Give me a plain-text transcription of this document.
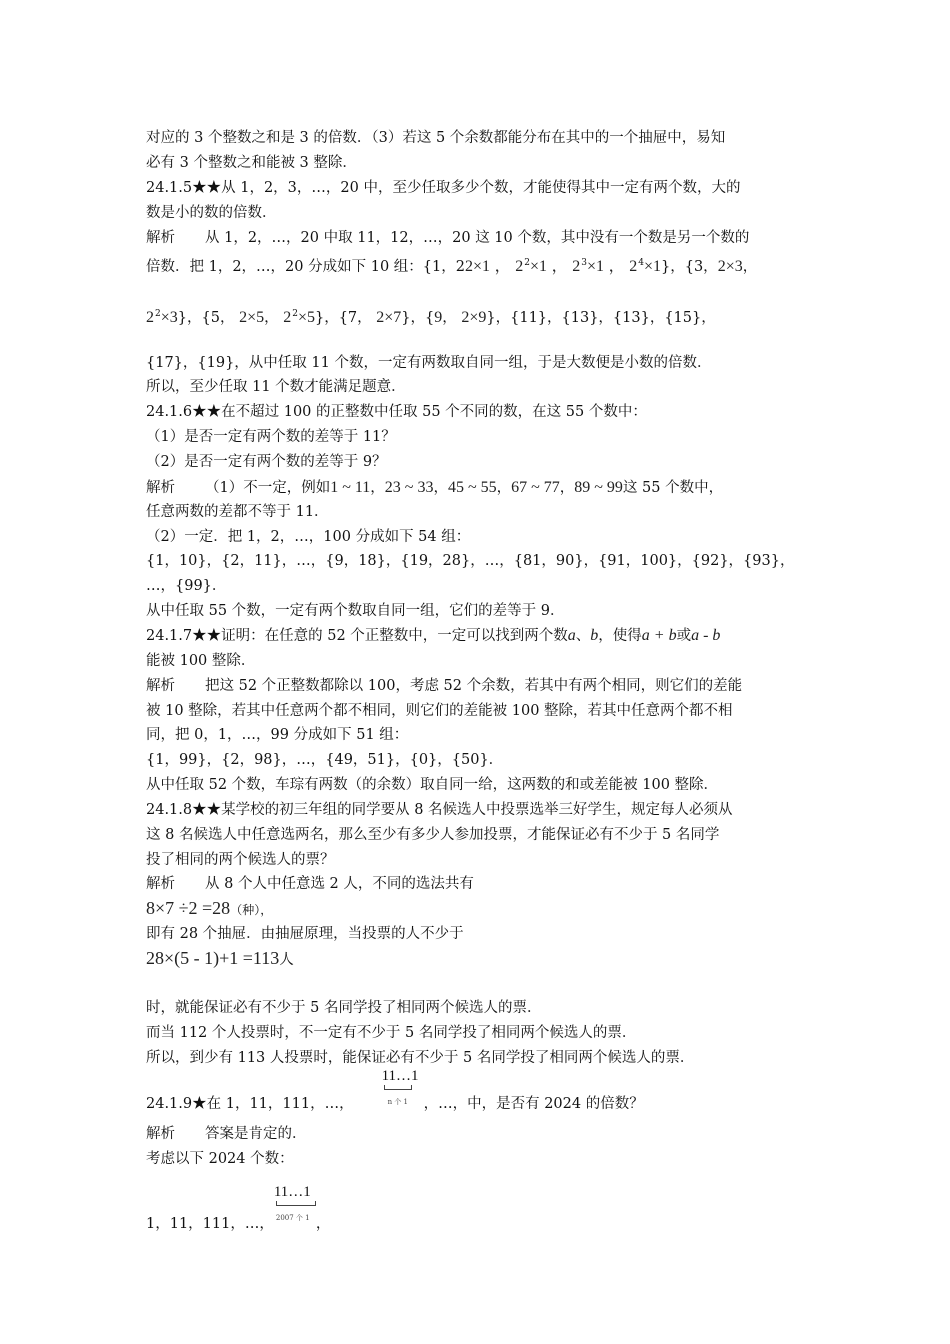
对应的 3 个整数之和是 3 的倍数．（3）若这 5 个余数都能分布在其中的一个抽屉中，易知
必有 3 个整数之和能被 3 整除．
24.1.5★★从 1，2，3，…，20 中，至少任取多少个数，才能使得其中一定有两个数，大的
数是小的数的倍数．
解析 从 1，2，…，20 中取 11，12，…，20 这 10 个数，其中没有一个数是另一个数的
倍数．把 1，2，…，20 分成如下 10 组：{1，22×1 ， $2^2\times 1$ ， $2^3\times 1$ ， $2^4\times 1$}，{3，2×3，
$2^2\times 3$}，{5， 2×5， $2^2\times 5$}，{7， 2×7}，{9， 2×9}，{11}，{13}，{13}，{15}，
{17}，{19}，从中任取 11 个数，一定有两数取自同一组，于是大数便是小数的倍数．
所以，至少任取 11 个数才能满足题意．
24.1.6★★在不超过 100 的正整数中任取 55 个不同的数，在这 55 个数中：
（1）是否一定有两个数的差等于 11？
（2）是否一定有两个数的差等于 9？
解析 （1）不一定，例如1 ~ 11，23 ~ 33，45 ~ 55，67 ~ 77，89 ~ 99这 55 个数中，
任意两数的差都不等于 11．
（2）一定．把 1，2，…，100 分成如下 54 组：
{1，10}，{2，11}，…，{9，18}，{19，28}，…，{81，90}，{91，100}，{92}，{93}，
…，{99}．
从中任取 55 个数，一定有两个数取自同一组，它们的差等于 9．
24.1.7★★证明：在任意的 52 个正整数中，一定可以找到两个数a、b，使得a + b或a - b
能被 100 整除．
解析 把这 52 个正整数都除以 100，考虑 52 个余数，若其中有两个相同，则它们的差能
被 10 整除，若其中任意两个都不相同，则它们的差能被 100 整除，若其中任意两个都不相
同，把 0，1，…，99 分成如下 51 组：
{1，99}，{2，98}，…，{49，51}，{0}，{50}．
从中任取 52 个数，车琮有两数（的余数）取自同一给，这两数的和或差能被 100 整除．
24.1.8★★某学校的初三年组的同学要从 8 名候选人中投票选举三好学生，规定每人必须从
这 8 名候选人中任意选两名，那么至少有多少人参加投票，才能保证必有不少于 5 名同学
投了相同的两个候选人的票？
解析 从 8 个人中任意选 2 人，不同的选法共有
8×7 ÷2 =28（种），
即有 28 个抽屉．由抽屉原理，当投票的人不少于
28×(5 - 1)+1 =113人
时，就能保证必有不少于 5 名同学投了相同两个候选人的票．
而当 112 个人投票时，不一定有不少于 5 名同学投了相同两个候选人的票．
所以，到少有 113 人投票时，能保证必有不少于 5 名同学投了相同两个候选人的票．
24.1.9★在 1，11，111，…，
11…1
n 个 1 ，…，中，是否有 2024 的倍数？
解析 答案是肯定的．
考虑以下 2024 个数：
1，11，111，…，
11…1
2007 个 1 ，
